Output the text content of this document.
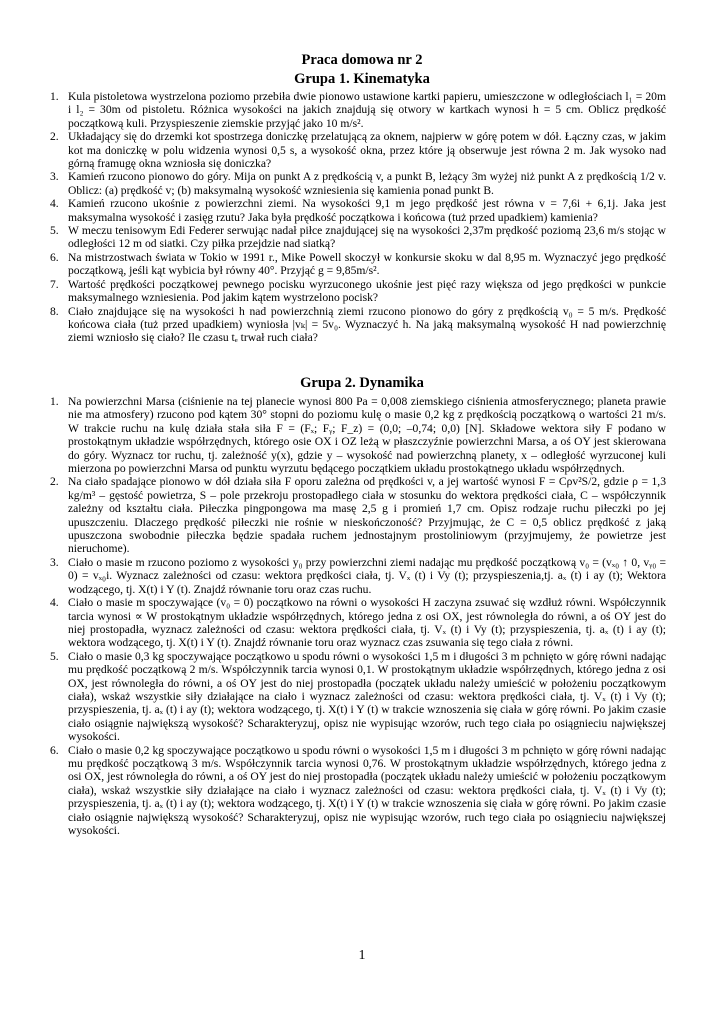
Praca domowa nr 2
Grupa 1. Kinematyka
1. Kula pistoletowa wystrzelona poziomo przebiła dwie pionowo ustawione kartki papieru, umieszczone w odległościach l₁ = 20m i l₂ = 30m od pistoletu. Różnica wysokości na jakich znajdują się otwory w kartkach wynosi h = 5 cm. Oblicz prędkość początkową kuli. Przyspieszenie ziemskie przyjąć jako 10 m/s².
2. Układający się do drzemki kot spostrzega doniczkę przelatującą za oknem, najpierw w górę potem w dół. Łączny czas, w jakim kot ma doniczkę w polu widzenia wynosi 0,5 s, a wysokość okna, przez które ją obserwuje jest równa 2 m. Jak wysoko nad górną framugę okna wzniosła się doniczka?
3. Kamień rzucono pionowo do góry. Mija on punkt A z prędkością v, a punkt B, leżący 3m wyżej niż punkt A z prędkością 1/2 v. Oblicz: (a) prędkość v; (b) maksymalną wysokość wzniesienia się kamienia ponad punkt B.
4. Kamień rzucono ukośnie z powierzchni ziemi. Na wysokości 9,1 m jego prędkość jest równa v = 7,6i + 6,1j. Jaka jest maksymalna wysokość i zasięg rzutu? Jaka była prędkość początkowa i końcowa (tuż przed upadkiem) kamienia?
5. W meczu tenisowym Edi Federer serwując nadał piłce znajdującej się na wysokości 2,37m prędkość poziomą 23,6 m/s stojąc w odległości 12 m od siatki. Czy piłka przejdzie nad siatką?
6. Na mistrzostwach świata w Tokio w 1991 r., Mike Powell skoczył w konkursie skoku w dal 8,95 m. Wyznaczyć jego prędkość początkową, jeśli kąt wybicia był równy 40°. Przyjąć g = 9,85m/s².
7. Wartość prędkości początkowej pewnego pocisku wyrzuconego ukośnie jest pięć razy większa od jego prędkości w punkcie maksymalnego wzniesienia. Pod jakim kątem wystrzelono pocisk?
8. Ciało znajdujące się na wysokości h nad powierzchnią ziemi rzucono pionowo do góry z prędkością v₀ = 5 m/s. Prędkość końcowa ciała (tuż przed upadkiem) wyniosła |vₖ| = 5v₀. Wyznaczyć h. Na jaką maksymalną wysokość H nad powierzchnię ziemi wzniosło się ciało? Ile czasu tₑ trwał ruch ciała?
Grupa 2. Dynamika
1. Na powierzchni Marsa (ciśnienie na tej planecie wynosi 800 Pa = 0,008 ziemskiego ciśnienia atmosferycznego; planeta prawie nie ma atmosfery) rzucono pod kątem 30° stopni do poziomu kulę o masie 0,2 kg z prędkością początkową o wartości 21 m/s. W trakcie ruchu na kulę działa stała siła F = (Fₓ; Fᵧ; F_z) = (0,0; –0,74; 0,0) [N]. Składowe wektora siły F podano w prostokątnym układzie współrzędnych, którego osie OX i OZ leżą w płaszczyźnie powierzchni Marsa, a oś OY jest skierowana do góry. Wyznacz tor ruchu, tj. zależność y(x), gdzie y – wysokość nad powierzchną planety, x – odległość wyrzuconej kuli mierzona po powierzchni Marsa od punktu wyrzutu będącego początkiem układu prostokątnego układu współrzędnych.
2. Na ciało spadające pionowo w dół działa siła F oporu zależna od prędkości v, a jej wartość wynosi F = Cρv²S/2, gdzie ρ = 1,3 kg/m³ – gęstość powietrza, S – pole przekroju prostopadłego ciała w stosunku do wektora prędkości ciała, C – współczynnik zależny od kształtu ciała. Piłeczka pingpongowa ma masę 2,5 g i promień 1,7 cm. Opisz rodzaje ruchu piłeczki po jej upuszczeniu. Dlaczego prędkość piłeczki nie rośnie w nieskończoność? Przyjmując, że C = 0,5 oblicz prędkość z jaką upuszczona swobodnie piłeczka będzie spadała ruchem jednostajnym prostoliniowym (przyjmujemy, że powietrze jest nieruchome).
3. Ciało o masie m rzucono poziomo z wysokości y₀ przy powierzchni ziemi nadając mu prędkość początkową v₀ = (vₓ₀ ↑ 0, vᵧ₀ = 0) = vₓ₀i. Wyznacz zależności od czasu: wektora prędkości ciała, tj. Vₓ (t) i Vy (t); przyspieszenia,tj. aₓ (t) i ay (t); Wektora wodzącego, tj. X(t) i Y (t). Znajdź równanie toru oraz czas ruchu.
4. Ciało o masie m spoczywające (v₀ = 0) początkowo na równi o wysokości H zaczyna zsuwać się wzdłuż równi. Współczynnik tarcia wynosi ∝ W prostokątnym układzie współrzędnych, którego jedna z osi OX, jest równoległa do równi, a oś OY jest do niej prostopadła, wyznacz zależności od czasu: wektora prędkości ciała, tj. Vₓ (t) i Vy (t); przyspieszenia, tj. aₓ (t) i ay (t); wektora wodzącego, tj. X(t) i Y (t). Znajdź równanie toru oraz wyznacz czas zsuwania się tego ciała z równi.
5. Ciało o masie 0,3 kg spoczywające początkowo u spodu równi o wysokości 1,5 m i długości 3 m pchnięto w górę równi nadając mu prędkość początkową 2 m/s. Współczynnik tarcia wynosi 0,1. W prostokątnym układzie współrzędnych, którego jedna z osi OX, jest równoległa do równi, a oś OY jest do niej prostopadła (początek układu należy umieścić w położeniu początkowym ciała), wskaż wszystkie siły działające na ciało i wyznacz zależności od czasu: wektora prędkości ciała, tj. Vₓ (t) i Vy (t); przyspieszenia, tj. aₓ (t) i ay (t); wektora wodzącego, tj. X(t) i Y (t) w trakcie wznoszenia się ciała w górę równi. Po jakim czasie ciało osiągnie największą wysokość? Scharakteryzuj, opisz nie wypisując wzorów, ruch tego ciała po osiągnieciu największej wysokości.
6. Ciało o masie 0,2 kg spoczywające początkowo u spodu równi o wysokości 1,5 m i długości 3 m pchnięto w górę równi nadając mu prędkość początkową 3 m/s. Współczynnik tarcia wynosi 0,76. W prostokątnym układzie współrzędnych, którego jedna z osi OX, jest równoległa do równi, a oś OY jest do niej prostopadła (początek układu należy umieścić w położeniu początkowym ciała), wskaż wszystkie siły działające na ciało i wyznacz zależności od czasu: wektora prędkości ciała, tj. Vₓ (t) i Vy (t); przyspieszenia, tj. aₓ (t) i ay (t); wektora wodzącego, tj. X(t) i Y (t) w trakcie wznoszenia się ciała w górę równi. Po jakim czasie ciało osiągnie największą wysokość? Scharakteryzuj, opisz nie wypisując wzorów, ruch tego ciała po osiągnieciu największej wysokości.
1
